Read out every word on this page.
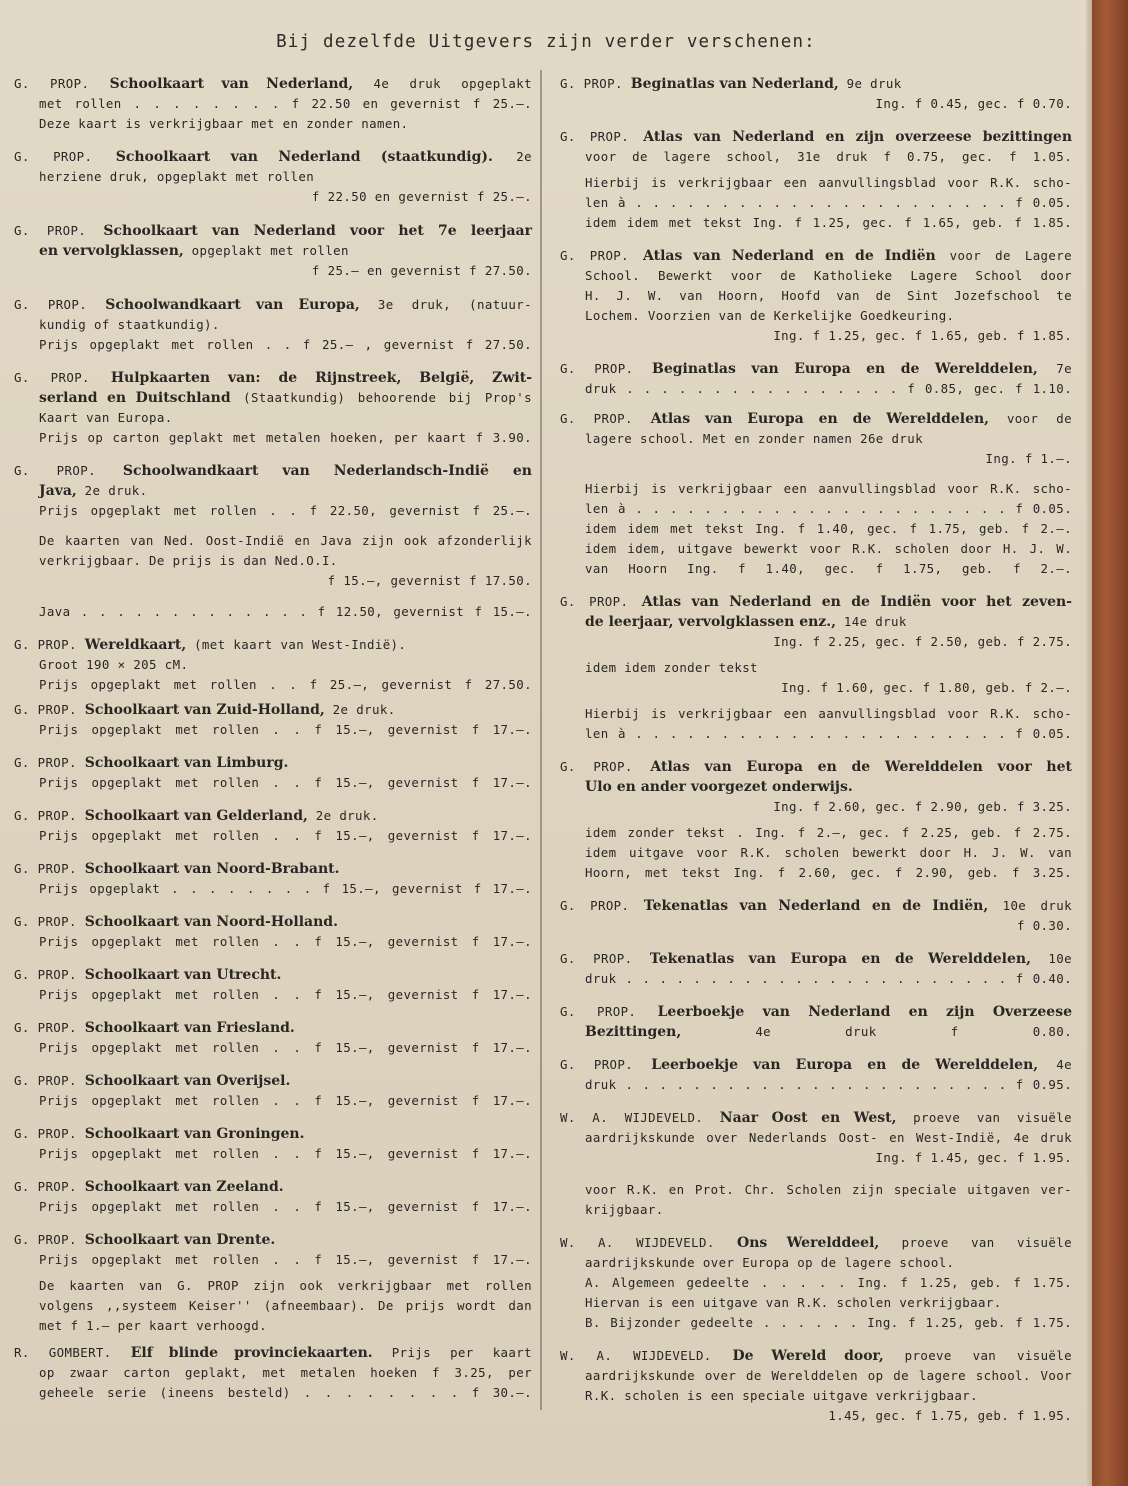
Bij dezelfde Uitgevers zijn verder verschenen:
G. PROP. Schoolkaart van Nederland, 4e druk opgeplakt
met rollen . . . . . . . . f 22.50 en gevernist f 25.—.
Deze kaart is verkrijgbaar met en zonder namen.
G. PROP. Schoolkaart van Nederland (staatkundig). 2e
herziene druk, opgeplakt met rollen
f 22.50 en gevernist f 25.—.
G. PROP. Schoolkaart van Nederland voor het 7e leerjaar
en vervolgklassen, opgeplakt met rollen
f 25.— en gevernist f 27.50.
G. PROP. Schoolwandkaart van Europa, 3e druk, (natuur-
kundig of staatkundig).
Prijs opgeplakt met rollen . . f 25.— , gevernist f 27.50.
G. PROP. Hulpkaarten van: de Rijnstreek, België, Zwit-
serland en Duitschland (Staatkundig) behoorende bij Prop's
Kaart van Europa.
Prijs op carton geplakt met metalen hoeken, per kaart f 3.90.
G. PROP. Schoolwandkaart van Nederlandsch-Indië en
Java, 2e druk.
Prijs opgeplakt met rollen . . f 22.50, gevernist f 25.—.
De kaarten van Ned. Oost-Indië en Java zijn ook afzonderlijk
verkrijgbaar. De prijs is dan Ned.O.I.
f 15.—, gevernist f 17.50.
Java . . . . . . . . . . . . . f 12.50, gevernist f 15.—.
G. PROP. Wereldkaart, (met kaart van West-Indië).
Groot 190 × 205 cM.
Prijs opgeplakt met rollen . . f 25.—, gevernist f 27.50.
G. PROP. Schoolkaart van Zuid-Holland, 2e druk.
Prijs opgeplakt met rollen . . f 15.—, gevernist f 17.—.
G. PROP. Schoolkaart van Limburg.
Prijs opgeplakt met rollen . . f 15.—, gevernist f 17.—.
G. PROP. Schoolkaart van Gelderland, 2e druk.
Prijs opgeplakt met rollen . . f 15.—, gevernist f 17.—.
G. PROP. Schoolkaart van Noord-Brabant.
Prijs opgeplakt . . . . . . . . f 15.—, gevernist f 17.—.
G. PROP. Schoolkaart van Noord-Holland.
Prijs opgeplakt met rollen . . f 15.—, gevernist f 17.—.
G. PROP. Schoolkaart van Utrecht.
Prijs opgeplakt met rollen . . f 15.—, gevernist f 17.—.
G. PROP. Schoolkaart van Friesland.
Prijs opgeplakt met rollen . . f 15.—, gevernist f 17.—.
G. PROP. Schoolkaart van Overijsel.
Prijs opgeplakt met rollen . . f 15.—, gevernist f 17.—.
G. PROP. Schoolkaart van Groningen.
Prijs opgeplakt met rollen . . f 15.—, gevernist f 17.—.
G. PROP. Schoolkaart van Zeeland.
Prijs opgeplakt met rollen . . f 15.—, gevernist f 17.—.
G. PROP. Schoolkaart van Drente.
Prijs opgeplakt met rollen . . f 15.—, gevernist f 17.—.
De kaarten van G. PROP zijn ook verkrijgbaar met rollen
volgens ,,systeem Keiser'' (afneembaar). De prijs wordt dan
met f 1.— per kaart verhoogd.
R. GOMBERT. Elf blinde provinciekaarten. Prijs per kaart
op zwaar carton geplakt, met metalen hoeken f 3.25, per
geheele serie (ineens besteld) . . . . . . . . f 30.—.
G. PROP. Beginatlas van Nederland, 9e druk
Ing. f 0.45, gec. f 0.70.
G. PROP. Atlas van Nederland en zijn overzeese bezittingen
voor de lagere school, 31e druk f 0.75, gec. f 1.05.
Hierbij is verkrijgbaar een aanvullingsblad voor R.K. scho-
len à . . . . . . . . . . . . . . . . . . . . . . f 0.05.
idem idem met tekst Ing. f 1.25, gec. f 1.65, geb. f 1.85.
G. PROP. Atlas van Nederland en de Indiën voor de Lagere
School. Bewerkt voor de Katholieke Lagere School door
H. J. W. van Hoorn, Hoofd van de Sint Jozefschool te
Lochem. Voorzien van de Kerkelijke Goedkeuring.
Ing. f 1.25, gec. f 1.65, geb. f 1.85.
G. PROP. Beginatlas van Europa en de Werelddelen, 7e
druk . . . . . . . . . . . . . . . . f 0.85, gec. f 1.10.
G. PROP. Atlas van Europa en de Werelddelen, voor de
lagere school. Met en zonder namen 26e druk
Ing. f 1.—.
Hierbij is verkrijgbaar een aanvullingsblad voor R.K. scho-
len à . . . . . . . . . . . . . . . . . . . . . . f 0.05.
idem idem met tekst Ing. f 1.40, gec. f 1.75, geb. f 2.—.
idem idem, uitgave bewerkt voor R.K. scholen door H. J. W.
van Hoorn Ing. f 1.40, gec. f 1.75, geb. f 2.—.
G. PROP. Atlas van Nederland en de Indiën voor het zeven-
de leerjaar, vervolgklassen enz., 14e druk
Ing. f 2.25, gec. f 2.50, geb. f 2.75.
idem idem zonder tekst
Ing. f 1.60, gec. f 1.80, geb. f 2.—.
Hierbij is verkrijgbaar een aanvullingsblad voor R.K. scho-
len à . . . . . . . . . . . . . . . . . . . . . . f 0.05.
G. PROP. Atlas van Europa en de Werelddelen voor het
Ulo en ander voorgezet onderwijs.
Ing. f 2.60, gec. f 2.90, geb. f 3.25.
idem zonder tekst . Ing. f 2.—, gec. f 2.25, geb. f 2.75.
idem uitgave voor R.K. scholen bewerkt door H. J. W. van
Hoorn, met tekst Ing. f 2.60, gec. f 2.90, geb. f 3.25.
G. PROP. Tekenatlas van Nederland en de Indiën, 10e druk
f 0.30.
G. PROP. Tekenatlas van Europa en de Werelddelen, 10e
druk . . . . . . . . . . . . . . . . . . . . . . . f 0.40.
G. PROP. Leerboekje van Nederland en zijn Overzeese
Bezittingen, 4e druk f 0.80.
G. PROP. Leerboekje van Europa en de Werelddelen, 4e
druk . . . . . . . . . . . . . . . . . . . . . . . f 0.95.
W. A. WIJDEVELD. Naar Oost en West, proeve van visuële
aardrijkskunde over Nederlands Oost- en West-Indië, 4e druk
Ing. f 1.45, gec. f 1.95.
voor R.K. en Prot. Chr. Scholen zijn speciale uitgaven ver-
krijgbaar.
W. A. WIJDEVELD. Ons Werelddeel, proeve van visuële
aardrijkskunde over Europa op de lagere school.
A. Algemeen gedeelte . . . . . Ing. f 1.25, geb. f 1.75.
Hiervan is een uitgave van R.K. scholen verkrijgbaar.
B. Bijzonder gedeelte . . . . . . Ing. f 1.25, geb. f 1.75.
W. A. WIJDEVELD. De Wereld door, proeve van visuële
aardrijkskunde over de Werelddelen op de lagere school. Voor
R.K. scholen is een speciale uitgave verkrijgbaar.
1.45, gec. f 1.75, geb. f 1.95.
